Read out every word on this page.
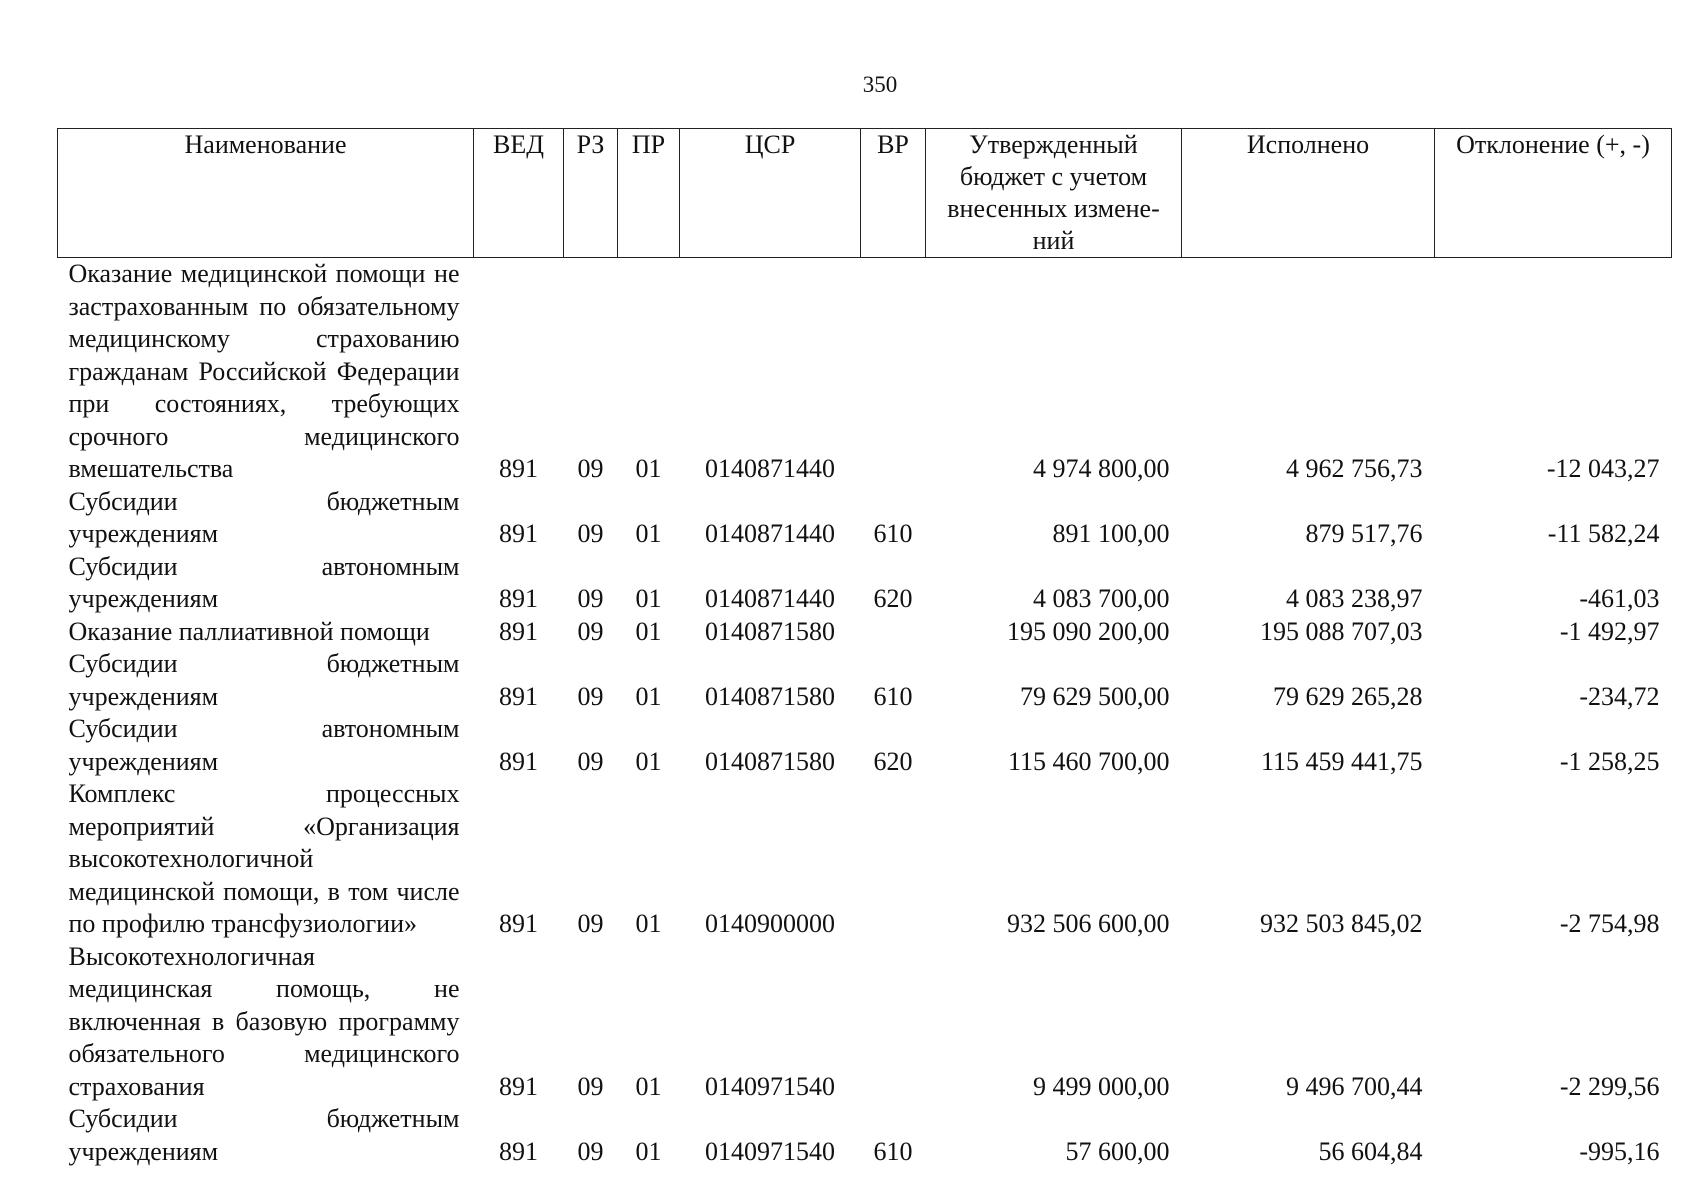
350
Наименование	ВЕД	РЗ	ПР	ЦСР	ВР	Утвержденный бюджет с учетом внесенных измене-ний	Исполнено	Отклонение (+, -)
Оказание медицинской помощи не застрахованным по обязательному медицинскому страхованию гражданам Российской Федерации при состояниях, требующих срочного медицинского вмешательства	891	09	01	0140871440		4 974 800,00	4 962 756,73	-12 043,27
Субсидии бюджетным учреждениям	891	09	01	0140871440	610	891 100,00	879 517,76	-11 582,24
Субсидии автономным учреждениям	891	09	01	0140871440	620	4 083 700,00	4 083 238,97	-461,03
Оказание паллиативной помощи	891	09	01	0140871580		195 090 200,00	195 088 707,03	-1 492,97
Субсидии бюджетным учреждениям	891	09	01	0140871580	610	79 629 500,00	79 629 265,28	-234,72
Субсидии автономным учреждениям	891	09	01	0140871580	620	115 460 700,00	115 459 441,75	-1 258,25
Комплекс процессных мероприятий «Организация высокотехнологичной медицинской помощи, в том числе по профилю трансфузиологии»	891	09	01	0140900000		932 506 600,00	932 503 845,02	-2 754,98
Высокотехнологичная медицинская помощь, не включенная в базовую программу обязательного медицинского страхования	891	09	01	0140971540		9 499 000,00	9 496 700,44	-2 299,56
Субсидии бюджетным учреждениям	891	09	01	0140971540	610	57 600,00	56 604,84	-995,16
